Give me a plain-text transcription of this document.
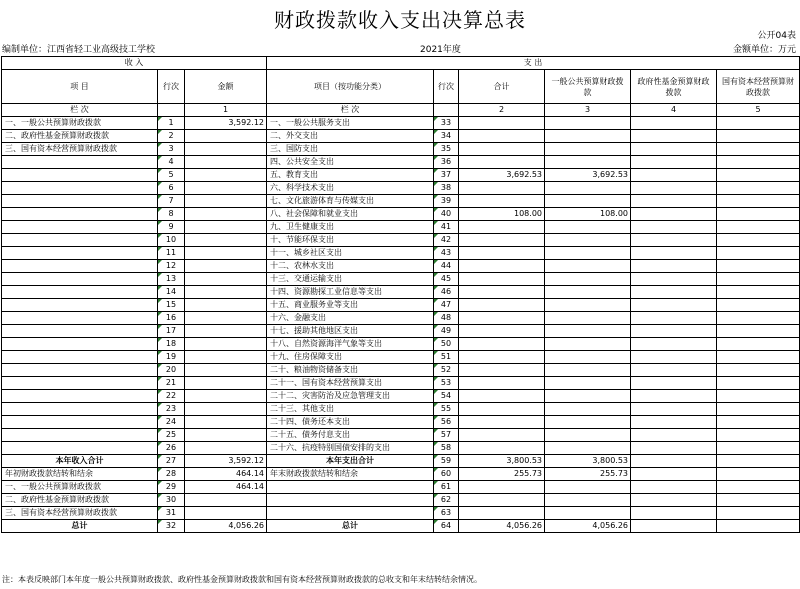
财政拨款收入支出决算总表
公开04表
编制单位：江西省轻工业高级技工学校	2021年度	金额单位：万元
收 入			支 出					
项 目	行次	金额	项目（按功能分类）	行次	合计	一般公共预算财政拨款	政府性基金预算财政拨款	国有资本经营预算财政拨款
栏 次		1	栏 次		2	3	4	5
一、一般公共预算财政拨款	1	3,592.12	一、一般公共服务支出	33				
二、政府性基金预算财政拨款	2		二、外交支出	34				
三、国有资本经营预算财政拨款	3		三、国防支出	35				
	4		四、公共安全支出	36				
	5		五、教育支出	37	3,692.53	3,692.53		
	6		六、科学技术支出	38				
	7		七、文化旅游体育与传媒支出	39				
	8		八、社会保障和就业支出	40	108.00	108.00		
	9		九、卫生健康支出	41				
	10		十、节能环保支出	42				
	11		十一、城乡社区支出	43				
	12		十二、农林水支出	44				
	13		十三、交通运输支出	45				
	14		十四、资源勘探工业信息等支出	46				
	15		十五、商业服务业等支出	47				
	16		十六、金融支出	48				
	17		十七、援助其他地区支出	49				
	18		十八、自然资源海洋气象等支出	50				
	19		十九、住房保障支出	51				
	20		二十、粮油物资储备支出	52				
	21		二十一、国有资本经营预算支出	53				
	22		二十二、灾害防治及应急管理支出	54				
	23		二十三、其他支出	55				
	24		二十四、债务还本支出	56				
	25		二十五、债务付息支出	57				
	26		二十六、抗疫特别国债安排的支出	58				
本年收入合计	27	3,592.12	本年支出合计	59	3,800.53	3,800.53		
年初财政拨款结转和结余	28	464.14	年末财政拨款结转和结余	60	255.73	255.73		
一、一般公共预算财政拨款	29	464.14		61				
二、政府性基金预算财政拨款	30			62				
三、国有资本经营预算财政拨款	31			63				
总计	32	4,056.26	总计	64	4,056.26	4,056.26		
注：本表反映部门本年度一般公共预算财政拨款、政府性基金预算财政拨款和国有资本经营预算财政拨款的总收支和年末结转结余情况。
